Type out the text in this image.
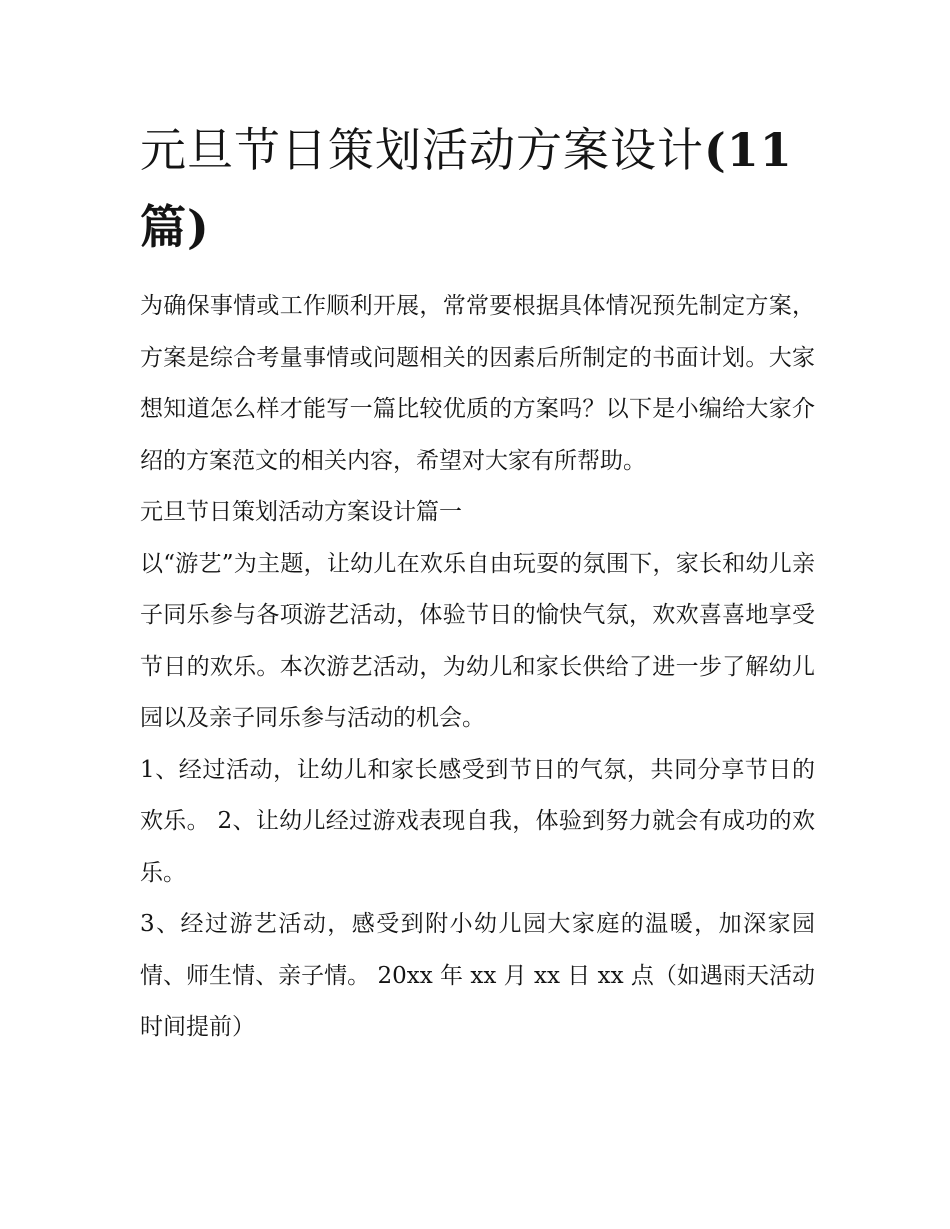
元旦节日策划活动方案设计(11篇)

为确保事情或工作顺利开展，常常要根据具体情况预先制定方案，方案是综合考量事情或问题相关的因素后所制定的书面计划。大家想知道怎么样才能写一篇比较优质的方案吗？以下是小编给大家介绍的方案范文的相关内容，希望对大家有所帮助。

元旦节日策划活动方案设计篇一

以“游艺”为主题，让幼儿在欢乐自由玩耍的氛围下，家长和幼儿亲子同乐参与各项游艺活动，体验节日的愉快气氛，欢欢喜喜地享受节日的欢乐。本次游艺活动，为幼儿和家长供给了进一步了解幼儿园以及亲子同乐参与活动的机会。

1、经过活动，让幼儿和家长感受到节日的气氛，共同分享节日的欢乐。 2、让幼儿经过游戏表现自我，体验到努力就会有成功的欢乐。

3、经过游艺活动，感受到附小幼儿园大家庭的温暖，加深家园情、师生情、亲子情。 20xx 年 xx 月 xx 日 xx 点（如遇雨天活动时间提前）
